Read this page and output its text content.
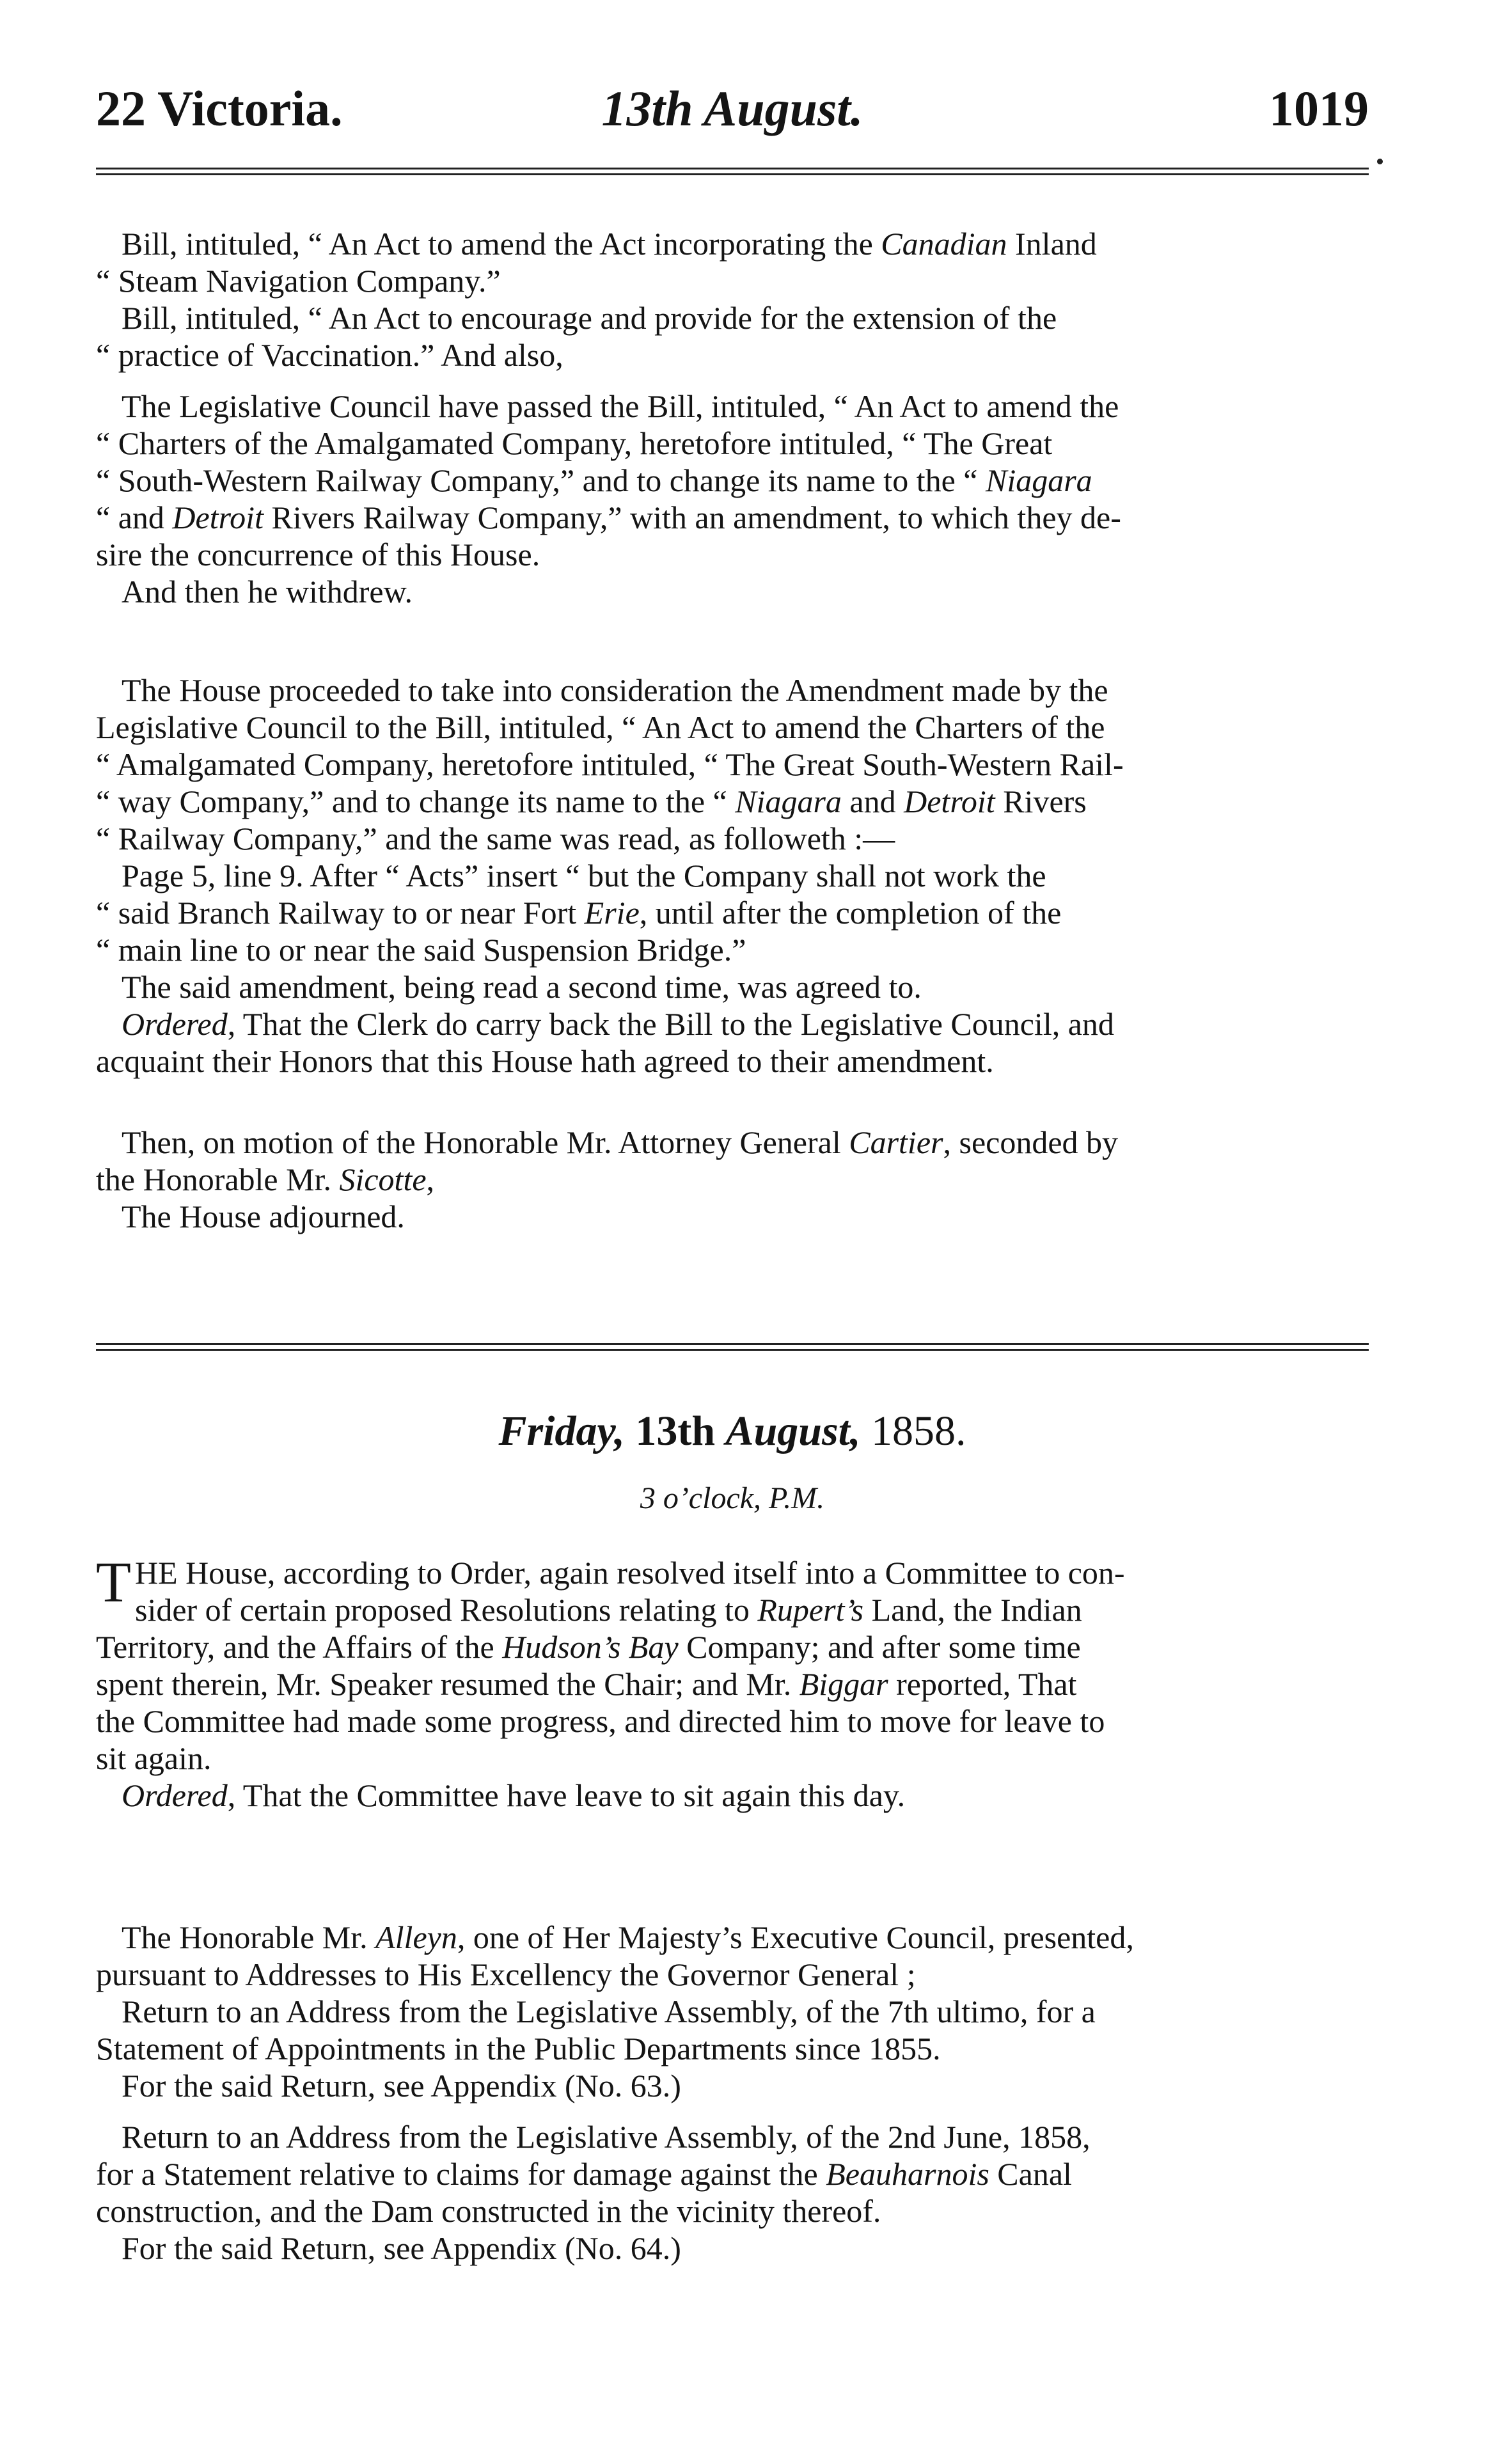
22 Victoria.	13th August.	1019

Bill, intituled, “ An Act to amend the Act incorporating the Canadian Inland
“ Steam Navigation Company.”

Bill, intituled, “ An Act to encourage and provide for the extension of the
“ practice of Vaccination.” And also,

The Legislative Council have passed the Bill, intituled, “ An Act to amend the
“ Charters of the Amalgamated Company, heretofore intituled, “ The Great
“ South-Western Railway Company,” and to change its name to the “ Niagara
“ and Detroit Rivers Railway Company,” with an amendment, to which they de-
sire the concurrence of this House.

And then he withdrew.

The House proceeded to take into consideration the Amendment made by the
Legislative Council to the Bill, intituled, “ An Act to amend the Charters of the
“ Amalgamated Company, heretofore intituled, “ The Great South-Western Rail-
“ way Company,” and to change its name to the “ Niagara and Detroit Rivers
“ Railway Company,” and the same was read, as followeth :—

Page 5, line 9. After “ Acts” insert “ but the Company shall not work the
“ said Branch Railway to or near Fort Erie, until after the completion of the
“ main line to or near the said Suspension Bridge.”

The said amendment, being read a second time, was agreed to.

Ordered, That the Clerk do carry back the Bill to the Legislative Council, and
acquaint their Honors that this House hath agreed to their amendment.

Then, on motion of the Honorable Mr. Attorney General Cartier, seconded by
the Honorable Mr. Sicotte,

The House adjourned.

Friday, 13th August, 1858.
3 o’clock, P.M.

THE House, according to Order, again resolved itself into a Committee to con-
sider of certain proposed Resolutions relating to Rupert’s Land, the Indian
Territory, and the Affairs of the Hudson’s Bay Company; and after some time
spent therein, Mr. Speaker resumed the Chair; and Mr. Biggar reported, That
the Committee had made some progress, and directed him to move for leave to
sit again.

Ordered, That the Committee have leave to sit again this day.

The Honorable Mr. Alleyn, one of Her Majesty’s Executive Council, presented,
pursuant to Addresses to His Excellency the Governor General ;

Return to an Address from the Legislative Assembly, of the 7th ultimo, for a
Statement of Appointments in the Public Departments since 1855.

For the said Return, see Appendix (No. 63.)

Return to an Address from the Legislative Assembly, of the 2nd June, 1858,
for a Statement relative to claims for damage against the Beauharnois Canal
construction, and the Dam constructed in the vicinity thereof.

For the said Return, see Appendix (No. 64.)
